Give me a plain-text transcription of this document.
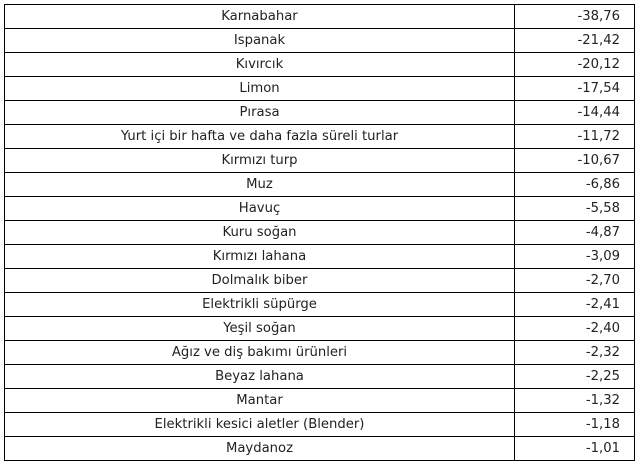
Karnabahar	-38,76
Ispanak	-21,42
Kıvırcık	-20,12
Limon	-17,54
Pırasa	-14,44
Yurt içi bir hafta ve daha fazla süreli turlar	-11,72
Kırmızı turp	-10,67
Muz	-6,86
Havuç	-5,58
Kuru soğan	-4,87
Kırmızı lahana	-3,09
Dolmalık biber	-2,70
Elektrikli süpürge	-2,41
Yeşil soğan	-2,40
Ağız ve diş bakımı ürünleri	-2,32
Beyaz lahana	-2,25
Mantar	-1,32
Elektrikli kesici aletler (Blender)	-1,18
Maydanoz	-1,01
